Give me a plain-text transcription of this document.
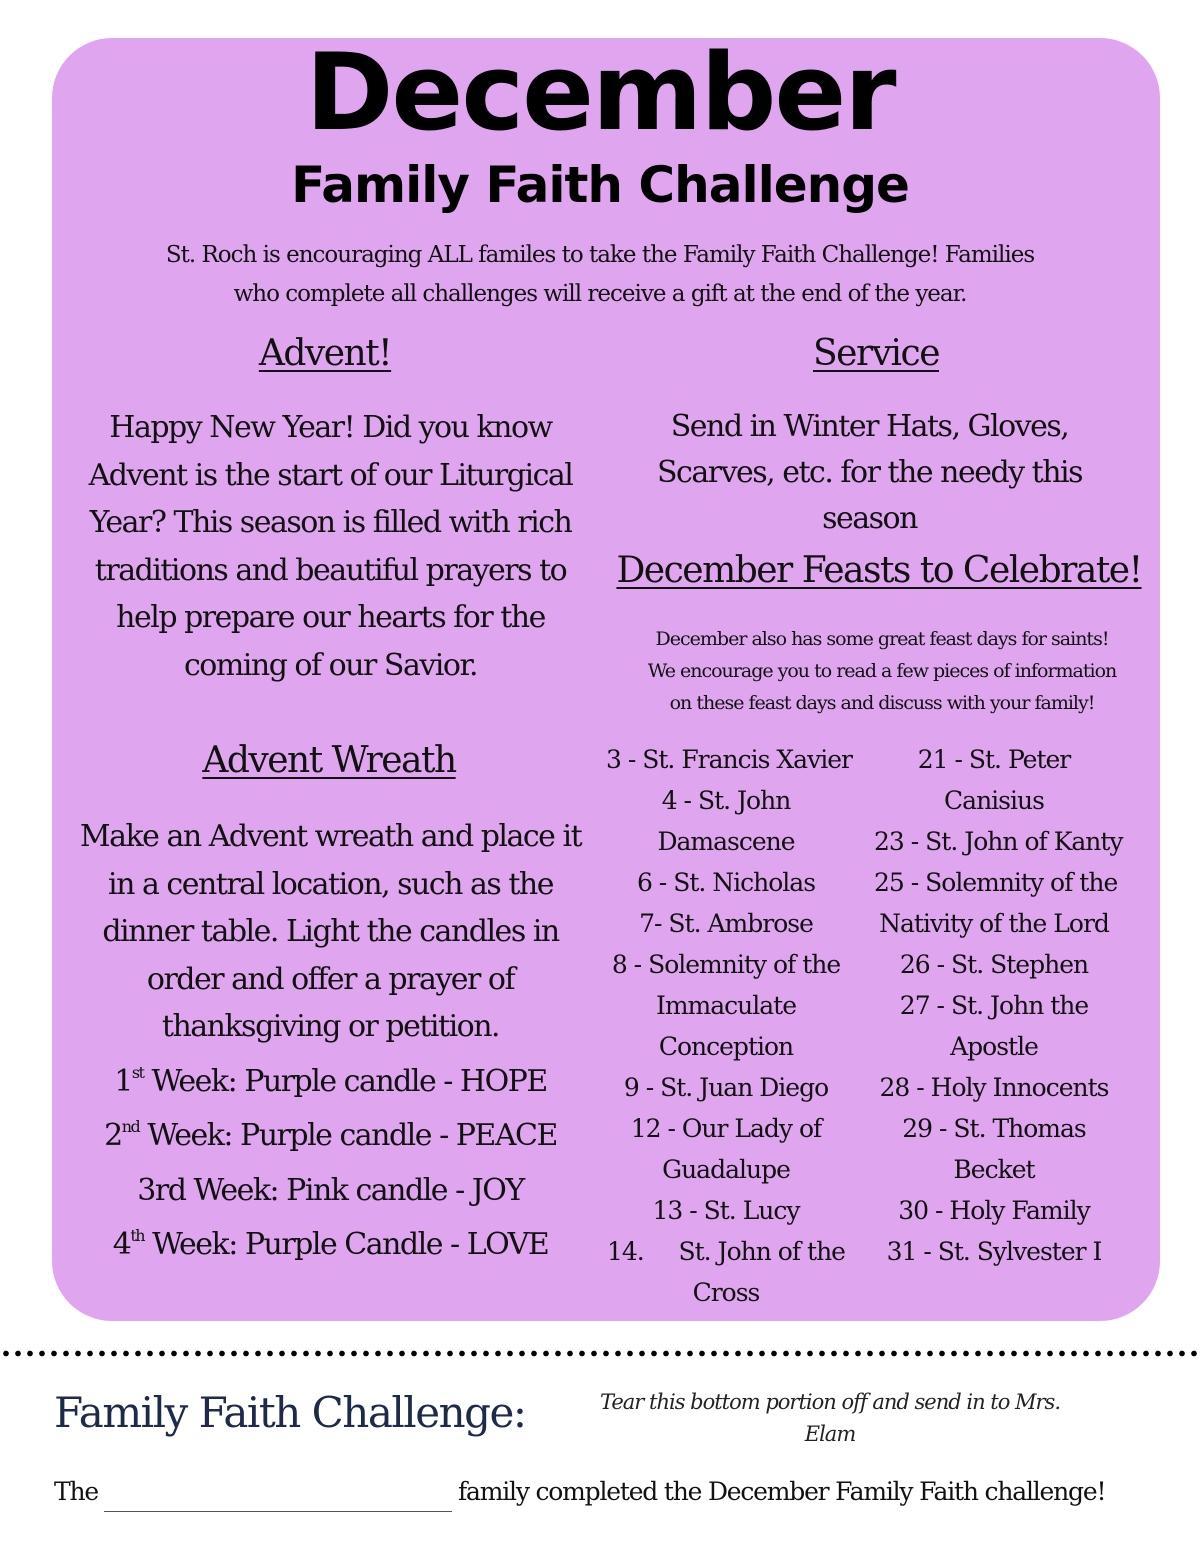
December
Family Faith Challenge
St. Roch is encouraging ALL familes to take the Family Faith Challenge! Families
who complete all challenges will receive a gift at the end of the year.
Advent!
Happy New Year! Did you know Advent is the start of our Liturgical Year? This season is filled with rich traditions and beautiful prayers to help prepare our hearts for the coming of our Savior.
Advent Wreath
Make an Advent wreath and place it in a central location, such as the dinner table. Light the candles in order and offer a prayer of thanksgiving or petition.
1st Week: Purple candle - HOPE
2nd Week: Purple candle - PEACE
3rd Week: Pink candle - JOY
4th Week: Purple Candle - LOVE
Service
Send in Winter Hats, Gloves, Scarves, etc. for the needy this season
December Feasts to Celebrate!
December also has some great feast days for saints!
We encourage you to read a few pieces of information
on these feast days and discuss with your family!
3 - St. Francis Xavier
4 - St. John
Damascene
6 - St. Nicholas
7- St. Ambrose
8 - Solemnity of the
Immaculate
Conception
9 - St. Juan Diego
12 - Our Lady of
Guadalupe
13 - St. Lucy
14.     St. John of the
Cross
21 - St. Peter
Canisius
23 - St. John of Kanty
25 - Solemnity of the
Nativity of the Lord
26 - St. Stephen
27 - St. John the
Apostle
28 - Holy Innocents
29 - St. Thomas
Becket
30 - Holy Family
31 - St. Sylvester I
Family Faith Challenge:	Tear this bottom portion off and send in to Mrs.
Elam
The	family completed the December Family Faith challenge!
